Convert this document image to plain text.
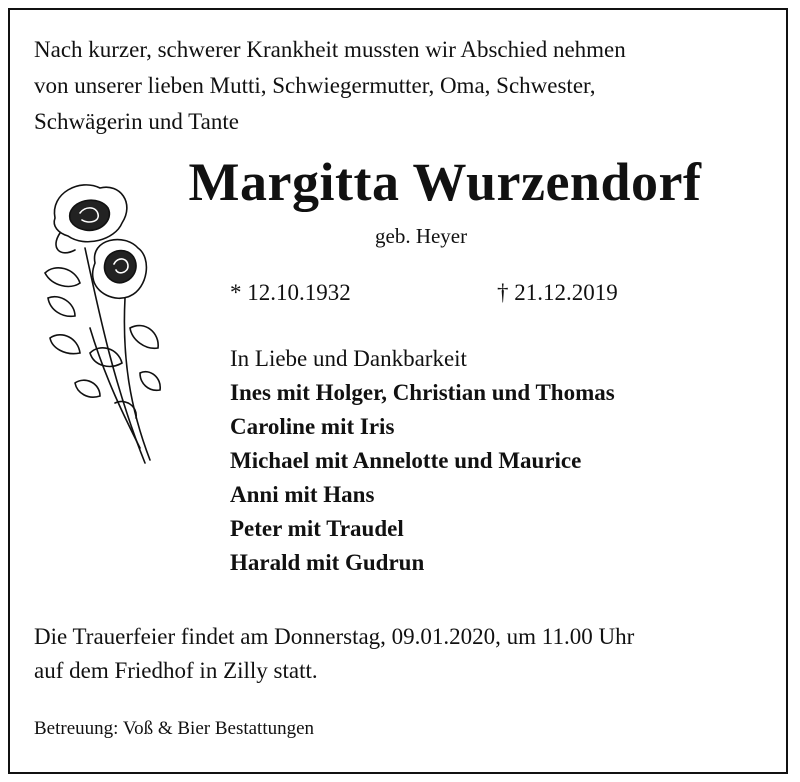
Nach kurzer, schwerer Krankheit mussten wir Abschied nehmen
von unserer lieben Mutti, Schwiegermutter, Oma, Schwester,
Schwägerin und Tante
Margitta Wurzendorf
geb. Heyer
* 12.10.1932	† 21.12.2019
In Liebe und Dankbarkeit
Ines mit Holger, Christian und Thomas
Caroline mit Iris
Michael mit Annelotte und Maurice
Anni mit Hans
Peter mit Traudel
Harald mit Gudrun
Die Trauerfeier findet am Donnerstag, 09.01.2020, um 11.00 Uhr
auf dem Friedhof in Zilly statt.
Betreuung: Voß & Bier Bestattungen
